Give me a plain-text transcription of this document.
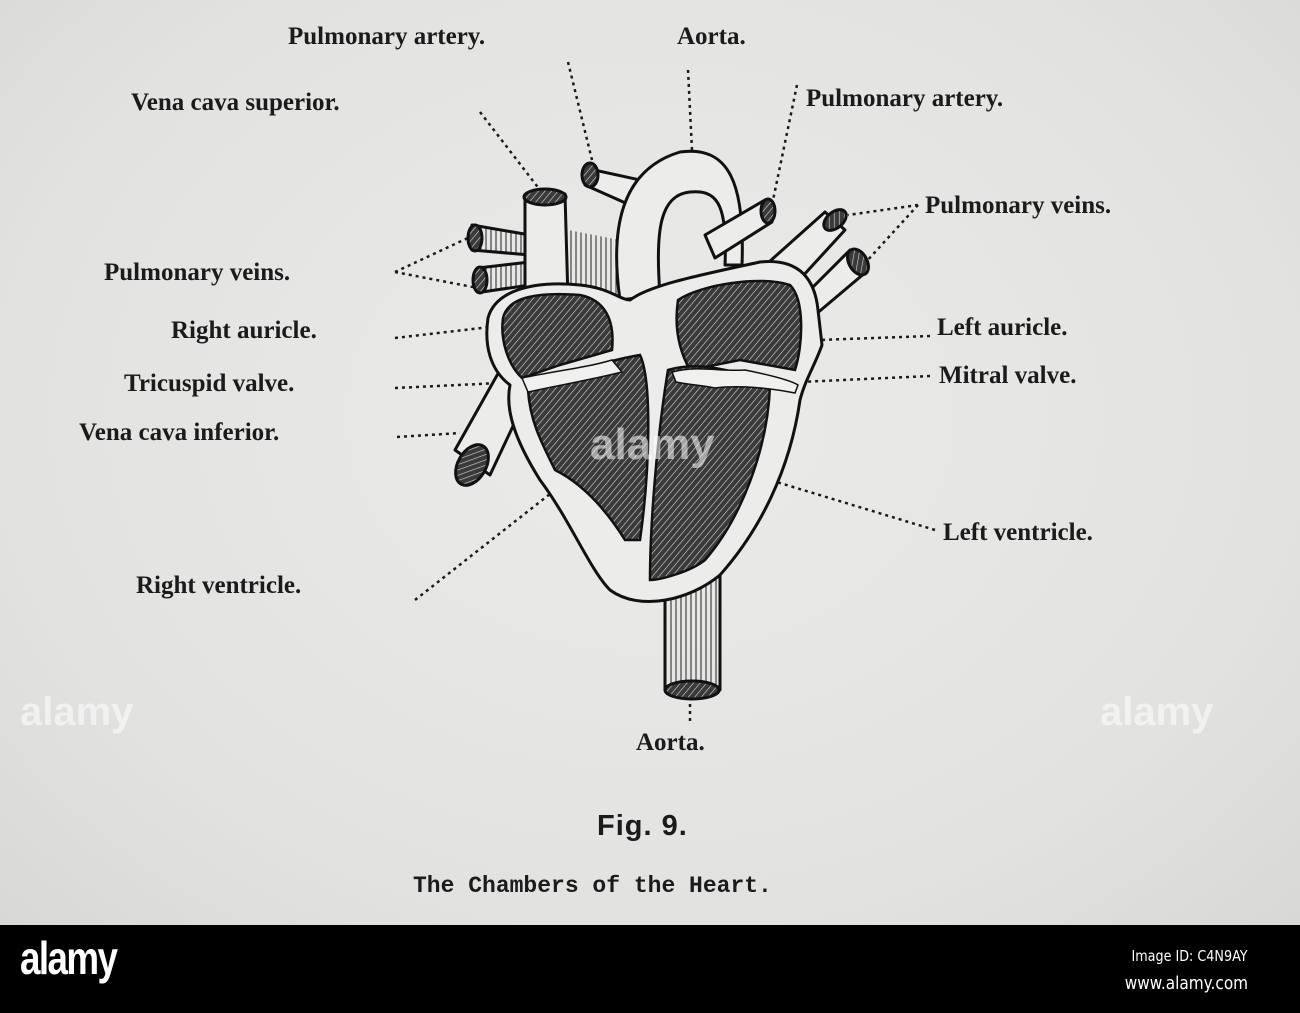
alamy
alamy	alamy
Pulmonary artery.	Aorta.
Vena cava superior.	Pulmonary artery.
Pulmonary veins.
Pulmonary veins.
Right auricle.	Left auricle.
Tricuspid valve.	Mitral valve.
Vena cava inferior.
Left ventricle.
Right ventricle.
Aorta.
Fig. 9.
The Chambers of the Heart.
alamy	Image ID: C4N9AY
www.alamy.com
